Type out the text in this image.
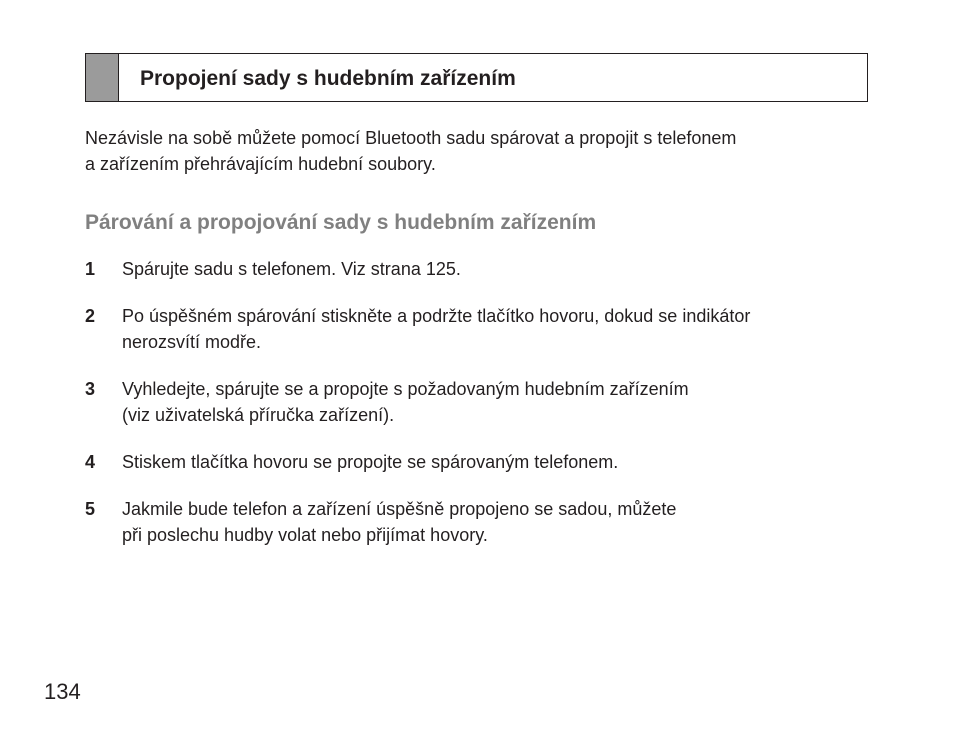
Propojení sady s hudebním zařízením

Nezávisle na sobě můžete pomocí Bluetooth sadu spárovat a propojit s telefonem
a zařízením přehrávajícím hudební soubory.

Párování a propojování sady s hudebním zařízením
1 Spárujte sadu s telefonem. Viz strana 125.
2 Po úspěšném spárování stiskněte a podržte tlačítko hovoru, dokud se indikátor
nerozsvítí modře.
3 Vyhledejte, spárujte se a propojte s požadovaným hudebním zařízením
(viz uživatelská příručka zařízení).
4 Stiskem tlačítka hovoru se propojte se spárovaným telefonem.
5 Jakmile bude telefon a zařízení úspěšně propojeno se sadou, můžete
při poslechu hudby volat nebo přijímat hovory.

134
